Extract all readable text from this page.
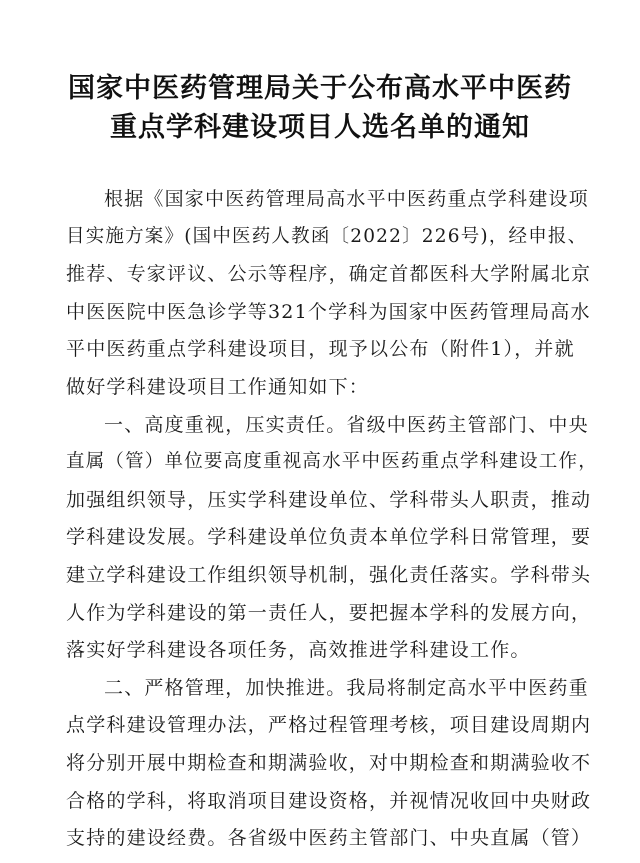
国家中医药管理局关于公布高水平中医药
重点学科建设项目人选名单的通知
根据《国家中医药管理局高水平中医药重点学科建设项
目实施方案》(国中医药人教函〔2022〕226号)，经申报、
推荐、专家评议、公示等程序，确定首都医科大学附属北京
中医医院中医急诊学等321个学科为国家中医药管理局高水
平中医药重点学科建设项目，现予以公布（附件1），并就
做好学科建设项目工作通知如下：
一、高度重视，压实责任。省级中医药主管部门、中央
直属（管）单位要高度重视高水平中医药重点学科建设工作，
加强组织领导，压实学科建设单位、学科带头人职责，推动
学科建设发展。学科建设单位负责本单位学科日常管理，要
建立学科建设工作组织领导机制，强化责任落实。学科带头
人作为学科建设的第一责任人，要把握本学科的发展方向，
落实好学科建设各项任务，高效推进学科建设工作。
二、严格管理，加快推进。我局将制定高水平中医药重
点学科建设管理办法，严格过程管理考核，项目建设周期内
将分别开展中期检查和期满验收，对中期检查和期满验收不
合格的学科，将取消项目建设资格，并视情况收回中央财政
支持的建设经费。各省级中医药主管部门、中央直属（管）
